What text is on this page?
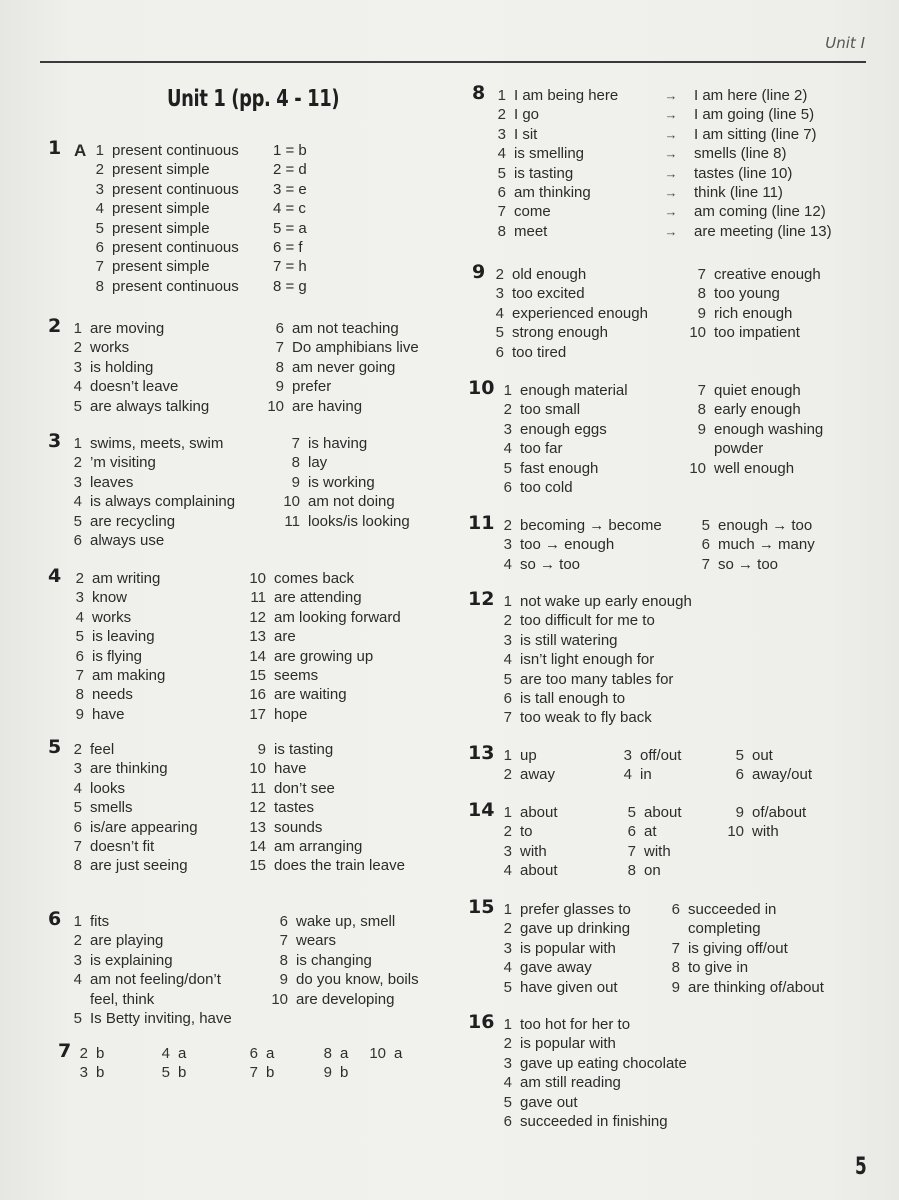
Unit I
Unit 1 (pp. 4 - 11)
1 A 1 present continuous
2 present simple
3 present continuous
4 present simple
5 present simple
6 present continuous
7 present simple
8 present continuous
1 = b
2 = d
3 = e
4 = c
5 = a
6 = f
7 = h
8 = g
2 1 are moving
2 works
3 is holding
4 doesn’t leave
5 are always talking
6 am not teaching
7 Do amphibians live
8 am never going
9 prefer
10 are having
3 1 swims, meets, swim
2 ’m visiting
3 leaves
4 is always complaining
5 are recycling
6 always use
7 is having
8 lay
9 is working
10 am not doing
11 looks/is looking
4 2 am writing
3 know
4 works
5 is leaving
6 is flying
7 am making
8 needs
9 have
10 comes back
11 are attending
12 am looking forward
13 are
14 are growing up
15 seems
16 are waiting
17 hope
5 2 feel
3 are thinking
4 looks
5 smells
6 is/are appearing
7 doesn’t fit
8 are just seeing
9 is tasting
10 have
11 don’t see
12 tastes
13 sounds
14 am arranging
15 does the train leave
6 1 fits
2 are playing
3 is explaining
4 am not feeling/don’t
feel, think
5 Is Betty inviting, have
6 wake up, smell
7 wears
8 is changing
9 do you know, boils
10 are developing
7 2 b
3 b
4 a
5 b
6 a
7 b
8 a
9 b
10 a
8 1 I am being here	→	I am here (line 2)
2 I go	→	I am going (line 5)
3 I sit	→	I am sitting (line 7)
4 is smelling	→	smells (line 8)
5 is tasting	→	tastes (line 10)
6 am thinking	→	think (line 11)
7 come	→	am coming (line 12)
8 meet	→	are meeting (line 13)
9 2 old enough
3 too excited
4 experienced enough
5 strong enough
6 too tired
7 creative enough
8 too young
9 rich enough
10 too impatient
10 1 enough material
2 too small
3 enough eggs
4 too far
5 fast enough
6 too cold
7 quiet enough
8 early enough
9 enough washing
powder
10 well enough
11 2 becoming → become
3 too → enough
4 so → too
5 enough → too
6 much → many
7 so → too
12 1 not wake up early enough
2 too difficult for me to
3 is still watering
4 isn’t light enough for
5 are too many tables for
6 is tall enough to
7 too weak to fly back
13 1 up
2 away
3 off/out
4 in
5 out
6 away/out
14 1 about
2 to
3 with
4 about
5 about
6 at
7 with
8 on
9 of/about
10 with
15 1 prefer glasses to
2 gave up drinking
3 is popular with
4 gave away
5 have given out
6 succeeded in
completing
7 is giving off/out
8 to give in
9 are thinking of/about
16 1 too hot for her to
2 is popular with
3 gave up eating chocolate
4 am still reading
5 gave out
6 succeeded in finishing
5
